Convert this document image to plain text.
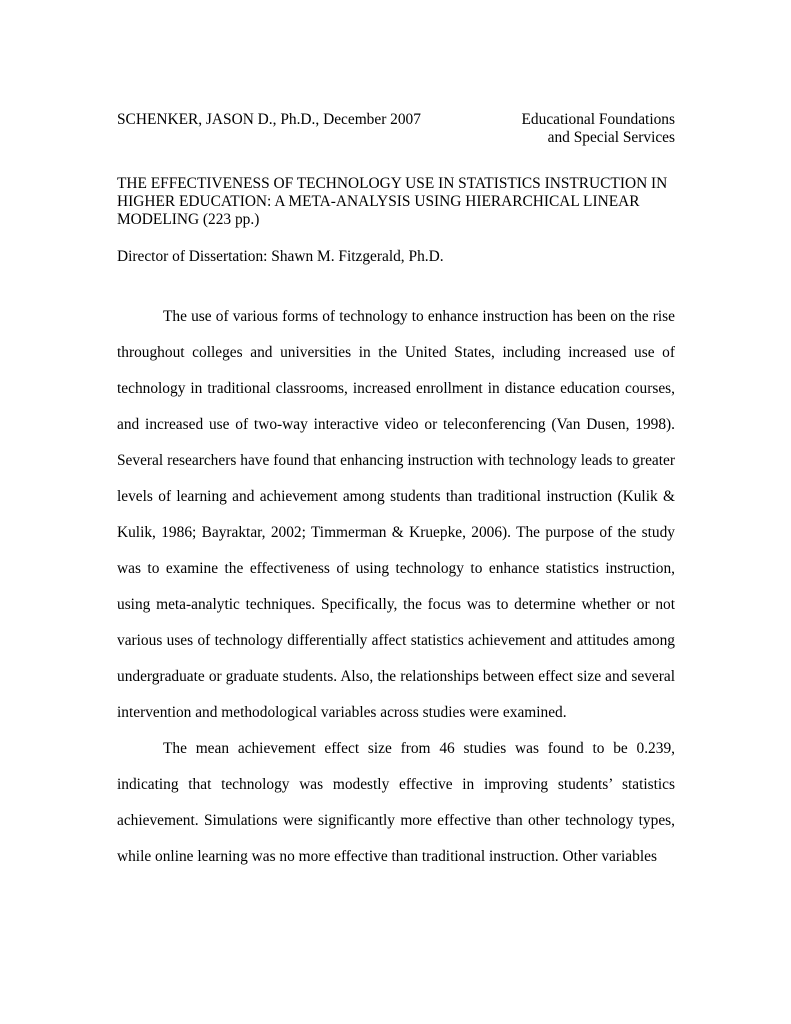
SCHENKER, JASON D., Ph.D., December 2007	Educational Foundations
and Special Services
THE EFFECTIVENESS OF TECHNOLOGY USE IN STATISTICS INSTRUCTION IN HIGHER EDUCATION: A META-ANALYSIS USING HIERARCHICAL LINEAR MODELING (223 pp.)
Director of Dissertation: Shawn M. Fitzgerald, Ph.D.

The use of various forms of technology to enhance instruction has been on the rise throughout colleges and universities in the United States, including increased use of technology in traditional classrooms, increased enrollment in distance education courses, and increased use of two-way interactive video or teleconferencing (Van Dusen, 1998). Several researchers have found that enhancing instruction with technology leads to greater levels of learning and achievement among students than traditional instruction (Kulik & Kulik, 1986; Bayraktar, 2002; Timmerman & Kruepke, 2006). The purpose of the study was to examine the effectiveness of using technology to enhance statistics instruction, using meta-analytic techniques. Specifically, the focus was to determine whether or not various uses of technology differentially affect statistics achievement and attitudes among undergraduate or graduate students. Also, the relationships between effect size and several intervention and methodological variables across studies were examined.

The mean achievement effect size from 46 studies was found to be 0.239, indicating that technology was modestly effective in improving students’ statistics achievement. Simulations were significantly more effective than other technology types, while online learning was no more effective than traditional instruction. Other variables
